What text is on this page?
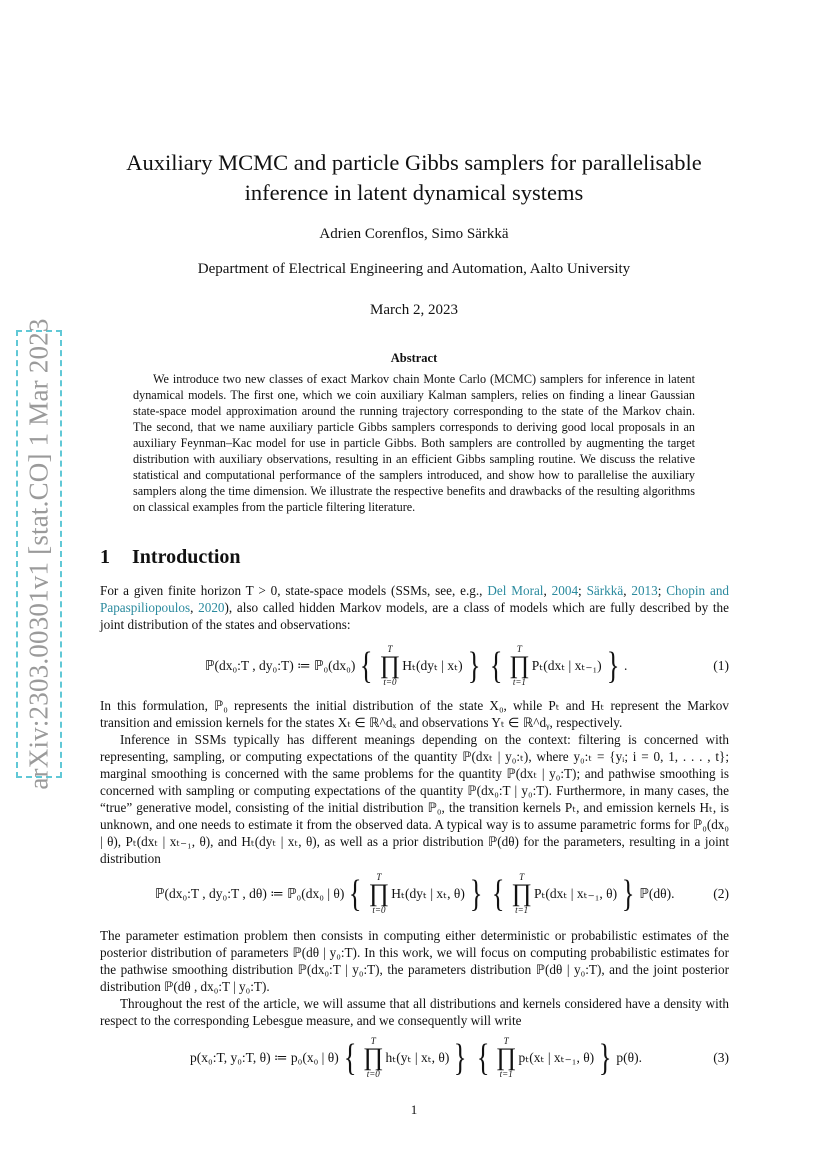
arXiv:2303.00301v1 [stat.CO] 1 Mar 2023
Auxiliary MCMC and particle Gibbs samplers for parallelisable
inference in latent dynamical systems
Adrien Corenflos, Simo Särkkä
Department of Electrical Engineering and Automation, Aalto University
March 2, 2023
Abstract

We introduce two new classes of exact Markov chain Monte Carlo (MCMC) samplers for inference in latent dynamical models. The first one, which we coin auxiliary Kalman samplers, relies on finding a linear Gaussian state-space model approximation around the running trajectory corresponding to the state of the Markov chain. The second, that we name auxiliary particle Gibbs samplers corresponds to deriving good local proposals in an auxiliary Feynman–Kac model for use in particle Gibbs. Both samplers are controlled by augmenting the target distribution with auxiliary observations, resulting in an efficient Gibbs sampling routine. We discuss the relative statistical and computational performance of the samplers introduced, and show how to parallelise the auxiliary samplers along the time dimension. We illustrate the respective benefits and drawbacks of the resulting algorithms on classical examples from the particle filtering literature.

1 Introduction

For a given finite horizon T > 0, state-space models (SSMs, see, e.g., Del Moral, 2004; Särkkä, 2013; Chopin and Papaspiliopoulos, 2020), also called hidden Markov models, are a class of models which are fully described by the joint distribution of the states and observations:

ℙ(dx₀:T , dy₀:T) ≔ ℙ₀(dx₀) { T
∏
t=0
Hₜ(dyₜ | xₜ) } { T
∏
t=1
Pₜ(dxₜ | xₜ₋₁) } .	(1)

In this formulation, ℙ₀ represents the initial distribution of the state X₀, while Pₜ and Hₜ represent the Markov transition and emission kernels for the states Xₜ ∈ ℝ^dₓ and observations Yₜ ∈ ℝ^dᵧ, respectively.

Inference in SSMs typically has different meanings depending on the context: filtering is concerned with representing, sampling, or computing expectations of the quantity ℙ(dxₜ | y₀:ₜ), where y₀:ₜ = {yᵢ; i = 0, 1, . . . , t}; marginal smoothing is concerned with the same problems for the quantity ℙ(dxₜ | y₀:T); and pathwise smoothing is concerned with sampling or computing expectations of the quantity ℙ(dx₀:T | y₀:T). Furthermore, in many cases, the “true” generative model, consisting of the initial distribution ℙ₀, the transition kernels Pₜ, and emission kernels Hₜ, is unknown, and one needs to estimate it from the observed data. A typical way is to assume parametric forms for ℙ₀(dx₀ | θ), Pₜ(dxₜ | xₜ₋₁, θ), and Hₜ(dyₜ | xₜ, θ), as well as a prior distribution ℙ(dθ) for the parameters, resulting in a joint distribution

ℙ(dx₀:T , dy₀:T , dθ) ≔ ℙ₀(dx₀ | θ) { T
∏
t=0
Hₜ(dyₜ | xₜ, θ) } { T
∏
t=1
Pₜ(dxₜ | xₜ₋₁, θ) } ℙ(dθ).	(2)

The parameter estimation problem then consists in computing either deterministic or probabilistic estimates of the posterior distribution of parameters ℙ(dθ | y₀:T). In this work, we will focus on computing probabilistic estimates for the pathwise smoothing distribution ℙ(dx₀:T | y₀:T), the parameters distribution ℙ(dθ | y₀:T), and the joint posterior distribution ℙ(dθ , dx₀:T | y₀:T).

Throughout the rest of the article, we will assume that all distributions and kernels considered have a density with respect to the corresponding Lebesgue measure, and we consequently will write

p(x₀:T, y₀:T, θ) ≔ p₀(x₀ | θ) { T
∏
t=0
hₜ(yₜ | xₜ, θ) } { T
∏
t=1
pₜ(xₜ | xₜ₋₁, θ) } p(θ).	(3)
1
